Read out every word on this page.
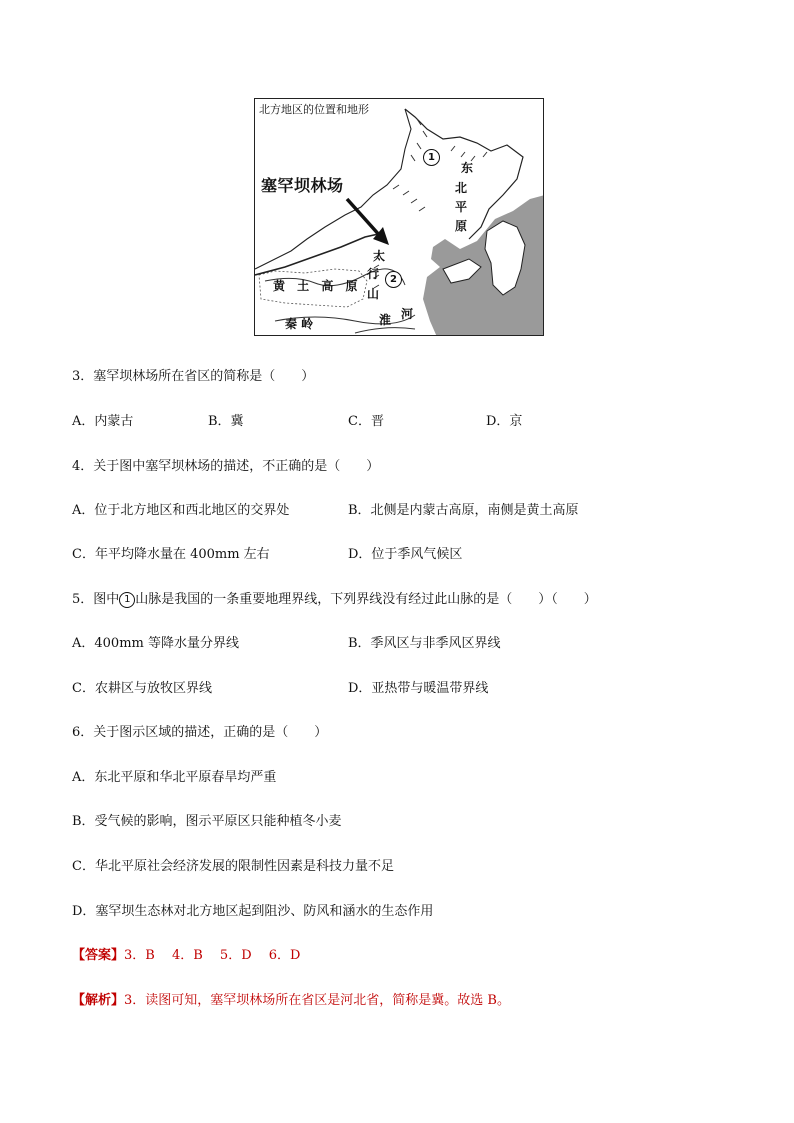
北方地区的位置和地形
塞罕坝林场
1
2
东
北
平
原
太
行
山
黄 土 高 原
秦 岭	淮 河
3．塞罕坝林场所在省区的简称是（　　）
A．内蒙古	B．冀	C．晋	D．京
4．关于图中塞罕坝林场的描述，不正确的是（　　）
A．位于北方地区和西北地区的交界处	B．北侧是内蒙古高原，南侧是黄土高原
C．年平均降水量在 400mm 左右	D．位于季风气候区
5．图中 1 山脉是我国的一条重要地理界线，下列界线没有经过此山脉的是（　　）（　　）
A．400mm 等降水量分界线	B．季风区与非季风区界线
C．农耕区与放牧区界线	D．亚热带与暖温带界线
6．关于图示区域的描述，正确的是（　　）
A．东北平原和华北平原春旱均严重
B．受气候的影响，图示平原区只能种植冬小麦
C．华北平原社会经济发展的限制性因素是科技力量不足
D．塞罕坝生态林对北方地区起到阻沙、防风和涵水的生态作用
【答案】3．B　 4．B　 5．D　 6．D
【解析】3．读图可知，塞罕坝林场所在省区是河北省，简称是冀。故选 B。
